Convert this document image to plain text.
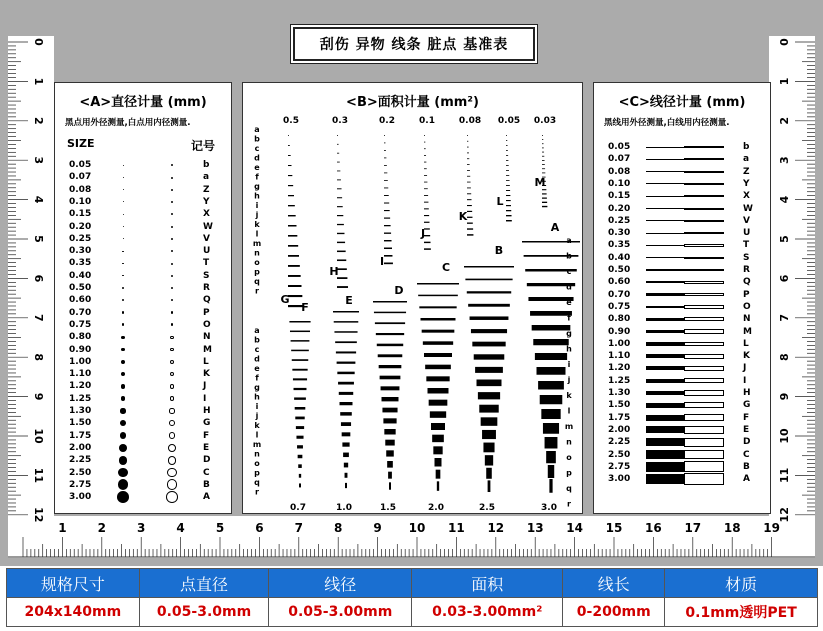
1	2	3	4	5	6	7	8	9 10 11 12 13 14 15 16 17 18 19
0	0
1	1
2	2
3	3
4	4
5	5
6	6
7	7
8	8
9	9
10	10
11	11
12	12
刮伤 异物 线条 脏点 基准表
<A>直径计量 (mm)
黑点用外径测量,白点用内径测量.
SIZE	记号
0.05	b
0.07	a
0.08	Z
0.10	Y
0.15	X
0.20	W
0.25	V
0.30	U
0.35	T
0.40	S
0.50	R
0.60	Q
0.70	P
0.75	O
0.80	N
0.90	M
1.00	L
1.10	K
1.20	J
1.25	I
1.30	H
1.50	G
1.75	F
2.00	E
2.25	D
2.50	C
2.75	B
3.00	A
<B>面积计量 (mm²)
0.5	0.3	0.2	0.1	0.08 0.05 0.03
a
b
c
d
e
f
g
h
i
j
k
l
m
n
o
p
q
r
M
L
K
J
I
H
G
F
E
D
C
B
A
0.7	1.0	1.5	2.0	2.5	3.0
a
b
c
d
e
f
g
h
i
j
k
l
m
n
o
p
q
r
a
b
c
d
e
f
g
h
i
j
k
l
m
n
o
p
q
r
<C>线径计量 (mm)
黑线用外径测量,白线用内径测量.
0.05	b
0.07	a
0.08	Z
0.10	Y
0.15	X
0.20	W
0.25	V
0.30	U
0.35	T
0.40	S
0.50	R
0.60	Q
0.70	P
0.75	O
0.80	N
0.90	M
1.00	L
1.10	K
1.20	J
1.25	I
1.30	H
1.50	G
1.75	F
2.00	E
2.25	D
2.50	C
2.75	B
3.00	A
规格尺寸	点直径	线径	面积	线长	材质
204x140mm	0.05-3.0mm	0.05-3.00mm	0.03-3.00mm²	0-200mm	0.1mm透明PET
